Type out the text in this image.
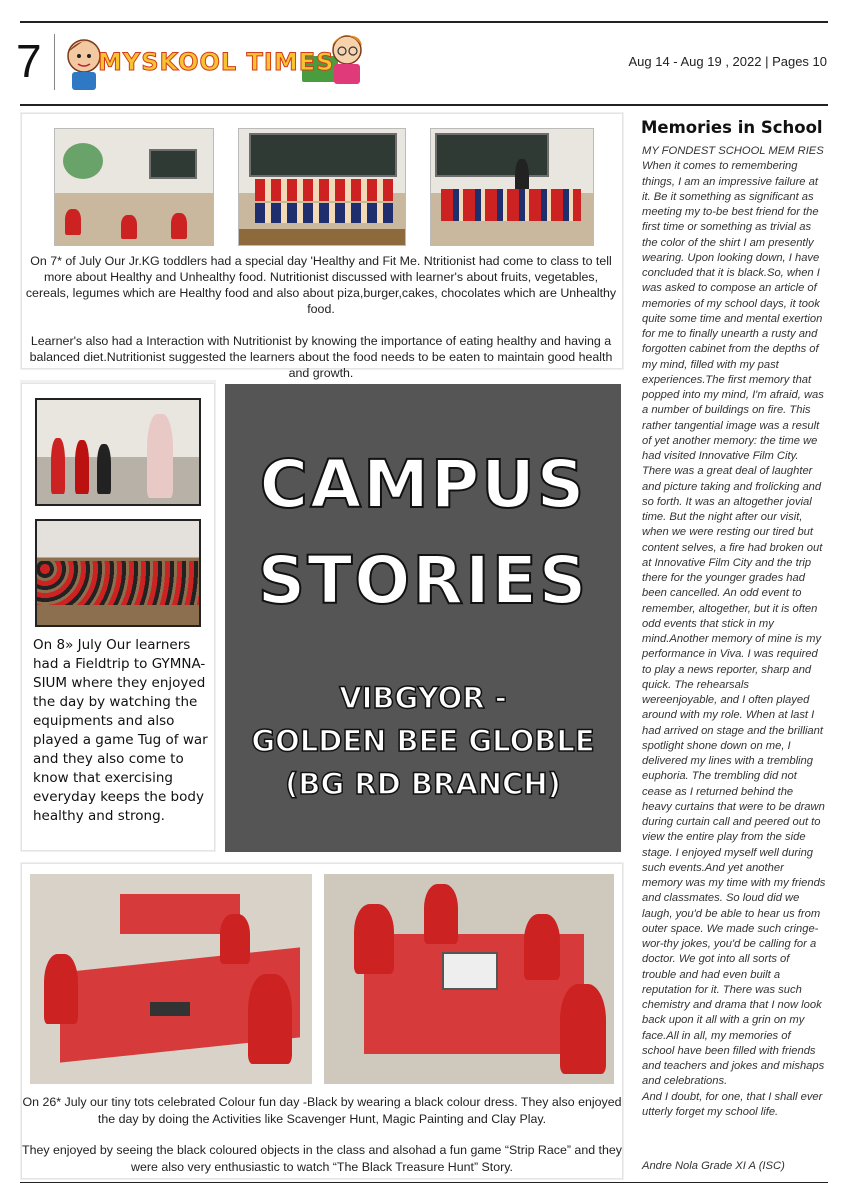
7 MYSKOOL TIMES	Aug 14 - Aug 19 , 2022 | Pages 10

On 7* of July Our Jr.KG toddlers had a special day 'Healthy and Fit Me. Ntritionist had come to class to tell more about Healthy and Unhealthy food. Nutritionist discussed with learner's about fruits, vegetables, cereals, legumes which are Healthy food and also about piza,burger,cakes, chocolates which are Unhealthy food.

Learner's also had a Interaction with Nutritionist by knowing the importance of eating healthy and having a balanced diet.Nutritionist suggested the learners about the food needs to be eaten to maintain good health and growth.

On 8» July Our learners had a Fieldtrip to GYMNA-SIUM where they enjoyed the day by watching the equipments and also played a game Tug of war and they also come to know that exercising everyday keeps the body healthy and strong.
CAMPUS
STORIES
VIBGYOR -
GOLDEN BEE GLOBLE
(BG RD BRANCH)

On 26* July our tiny tots celebrated Colour fun day -Black by wearing a black colour dress. They also enjoyed the day by doing the Activities like Scavenger Hunt, Magic Painting and Clay Play.

They enjoyed by seeing the black coloured objects in the class and alsohad a fun game “Strip Race” and they were also very enthusiastic to watch “The Black Treasure Hunt” Story.

Memories in School
MY FONDEST SCHOOL MEM RIES
When it comes to remembering things, I am an impressive failure at it. Be it something as significant as meeting my to-be best friend for the first time or something as trivial as the color of the shirt I am presently wearing. Upon looking down, I have concluded that it is black.So, when I was asked to compose an article of memories of my school days, it took quite some time and mental exertion for me to finally unearth a rusty and forgotten cabinet from the depths of my mind, filled with my past experiences.The first memory that popped into my mind, I'm afraid, was a number of buildings on fire. This rather tangential image was a result of yet another memory: the time we had visited Innovative Film City. There was a great deal of laughter and picture taking and frolicking and so forth. It was an altogether jovial time. But the night after our visit, when we were resting our tired but content selves, a fire had broken out at Innovative Film City and the trip there for the younger grades had been cancelled. An odd event to remember, altogether, but it is often odd events that stick in my mind.Another memory of mine is my performance in Viva. I was required to play a news reporter, sharp and quick. The rehearsals wereenjoyable, and I often played around with my role. When at last I had arrived on stage and the brilliant spotlight shone down on me, I delivered my lines with a trembling euphoria. The trembling did not cease as I returned behind the heavy curtains that were to be drawn during curtain call and peered out to view the entire play from the side stage. I enjoyed myself well during such events.And yet another memory was my time with my friends and classmates. So loud did we laugh, you'd be able to hear us from outer space. We made such cringe-wor-thy jokes, you'd be calling for a doctor. We got into all sorts of trouble and had even built a reputation for it. There was such chemistry and drama that I now look back upon it all with a grin on my face.All in all, my memories of school have been filled with friends and teachers and jokes and mishaps and celebrations.
And I doubt, for one, that I shall ever utterly forget my school life.
Andre Nola Grade XI A (ISC)
